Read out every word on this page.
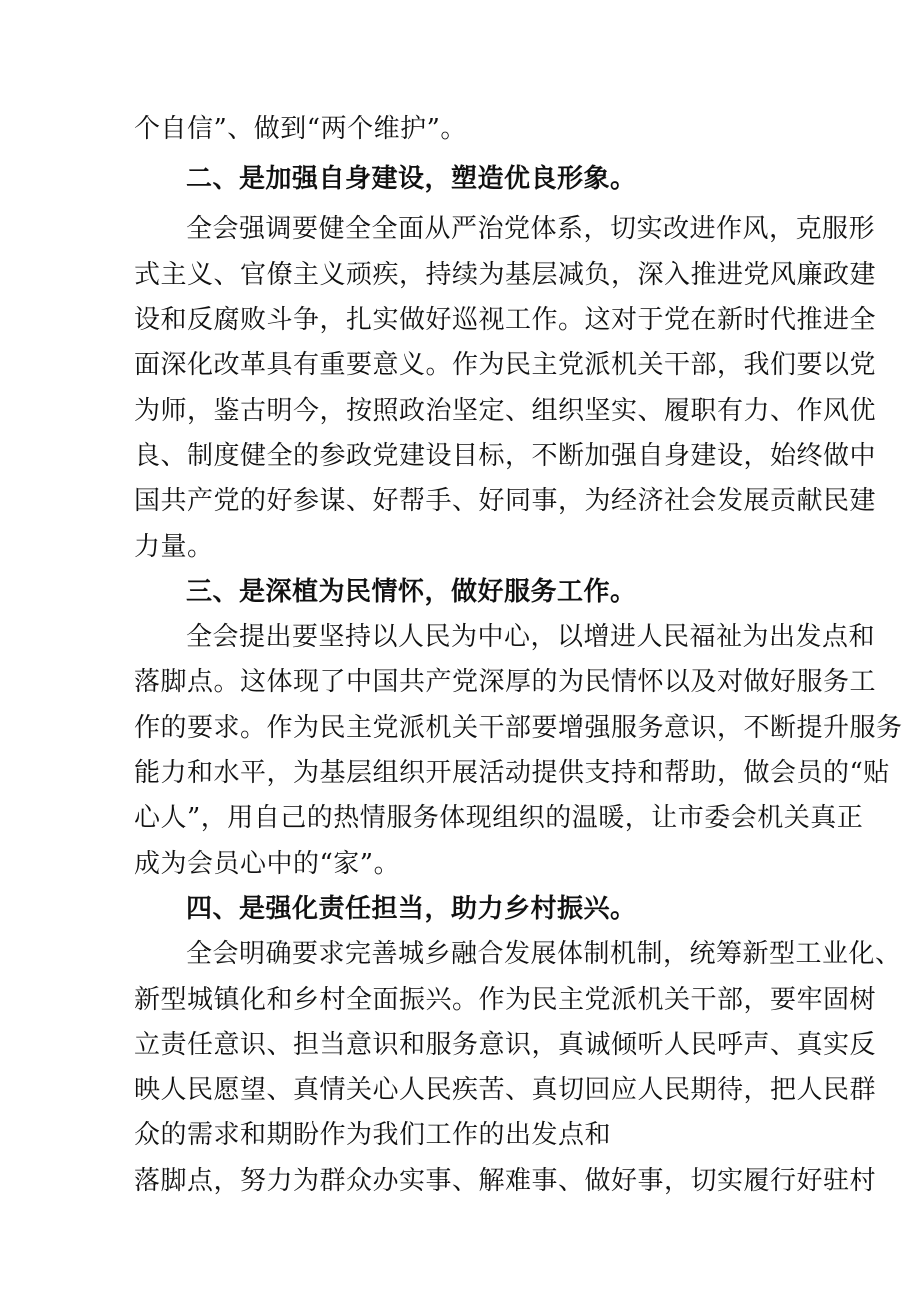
个自信”、做到“两个维护”。
二、是加强自身建设，塑造优良形象。
全会强调要健全全面从严治党体系，切实改进作风，克服形
式主义、官僚主义顽疾，持续为基层减负，深入推进党风廉政建
设和反腐败斗争，扎实做好巡视工作。这对于党在新时代推进全
面深化改革具有重要意义。作为民主党派机关干部，我们要以党
为师，鉴古明今，按照政治坚定、组织坚实、履职有力、作风优
良、制度健全的参政党建设目标，不断加强自身建设，始终做中
国共产党的好参谋、好帮手、好同事，为经济社会发展贡献民建
力量。
三、是深植为民情怀，做好服务工作。
全会提出要坚持以人民为中心，以增进人民福祉为出发点和
落脚点。这体现了中国共产党深厚的为民情怀以及对做好服务工
作的要求。作为民主党派机关干部要增强服务意识，不断提升服务
能力和水平，为基层组织开展活动提供支持和帮助，做会员的“贴
心人”，用自己的热情服务体现组织的温暖，让市委会机关真正
成为会员心中的“家”。
四、是强化责任担当，助力乡村振兴。
全会明确要求完善城乡融合发展体制机制，统筹新型工业化、
新型城镇化和乡村全面振兴。作为民主党派机关干部，要牢固树
立责任意识、担当意识和服务意识，真诚倾听人民呼声、真实反
映人民愿望、真情关心人民疾苦、真切回应人民期待，把人民群
众的需求和期盼作为我们工作的出发点和
落脚点，努力为群众办实事、解难事、做好事，切实履行好驻村
